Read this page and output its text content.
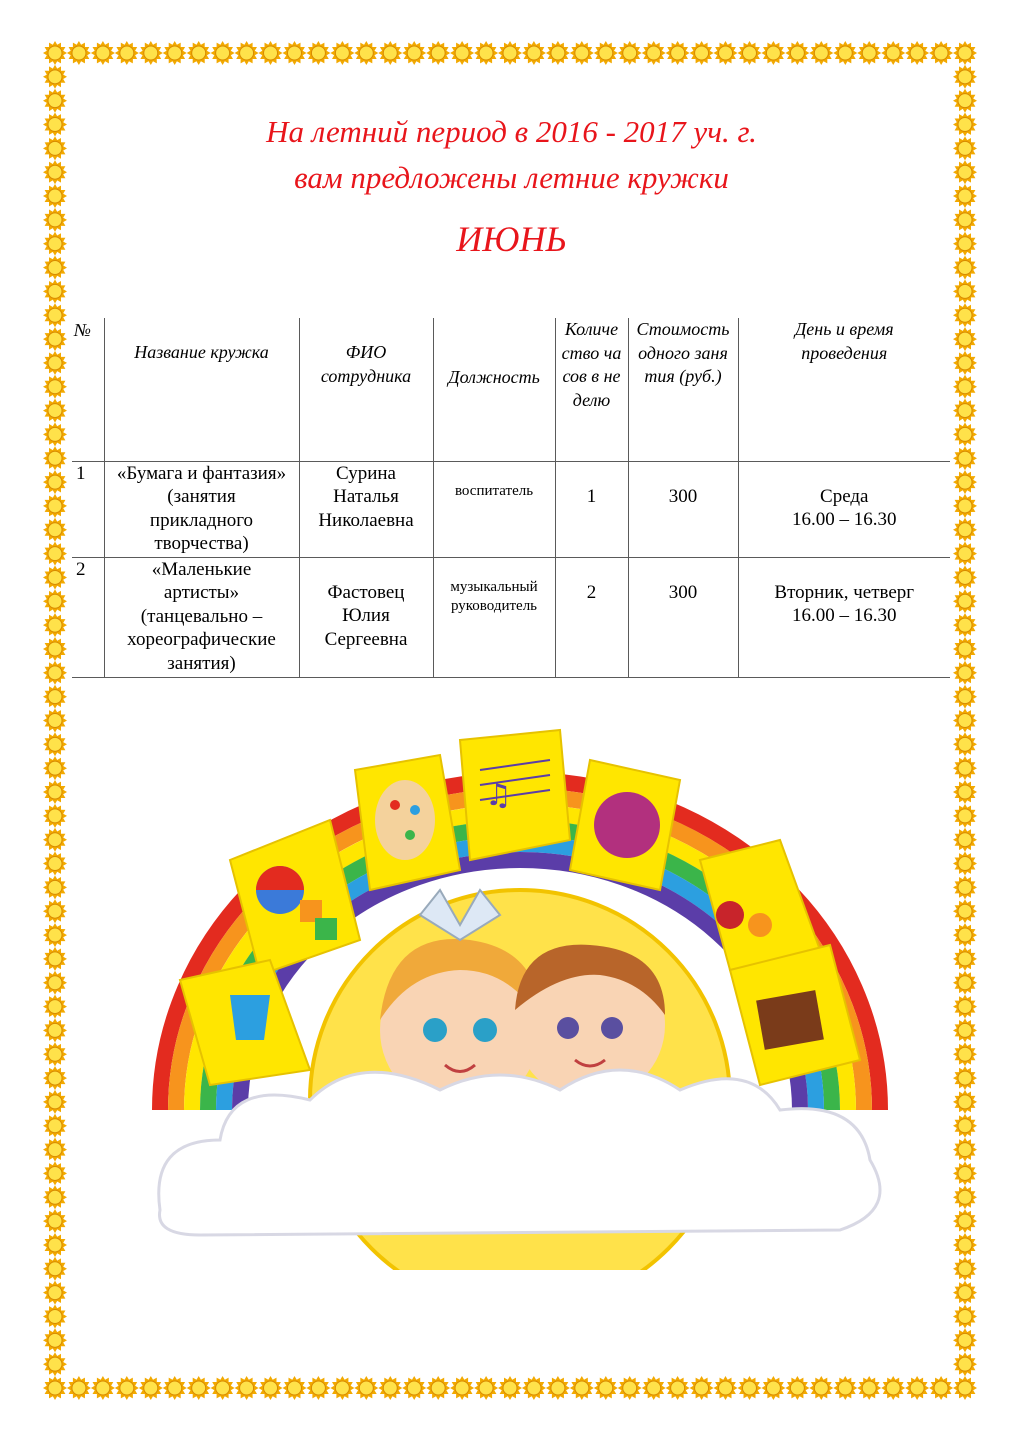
На летний период в 2016 - 2017 уч. г.
вам предложены летние кружки
ИЮНЬ
№	Название кружка	ФИО сотрудника	Должность	Количество часов в неделю	Стоимость одного занятия (руб.)	День и время проведения

1	«Бумага и фантазия» (занятия прикладного творчества)	Сурина Наталья Николаевна	воспитатель	1	300	Среда
16.00 – 16.30

2	«Маленькие артисты» (танцевально – хореографические занятия)	Фастовец Юлия Сергеевна	музыкальный руководитель	2	300	Вторник, четверг
16.00 – 16.30
♫
